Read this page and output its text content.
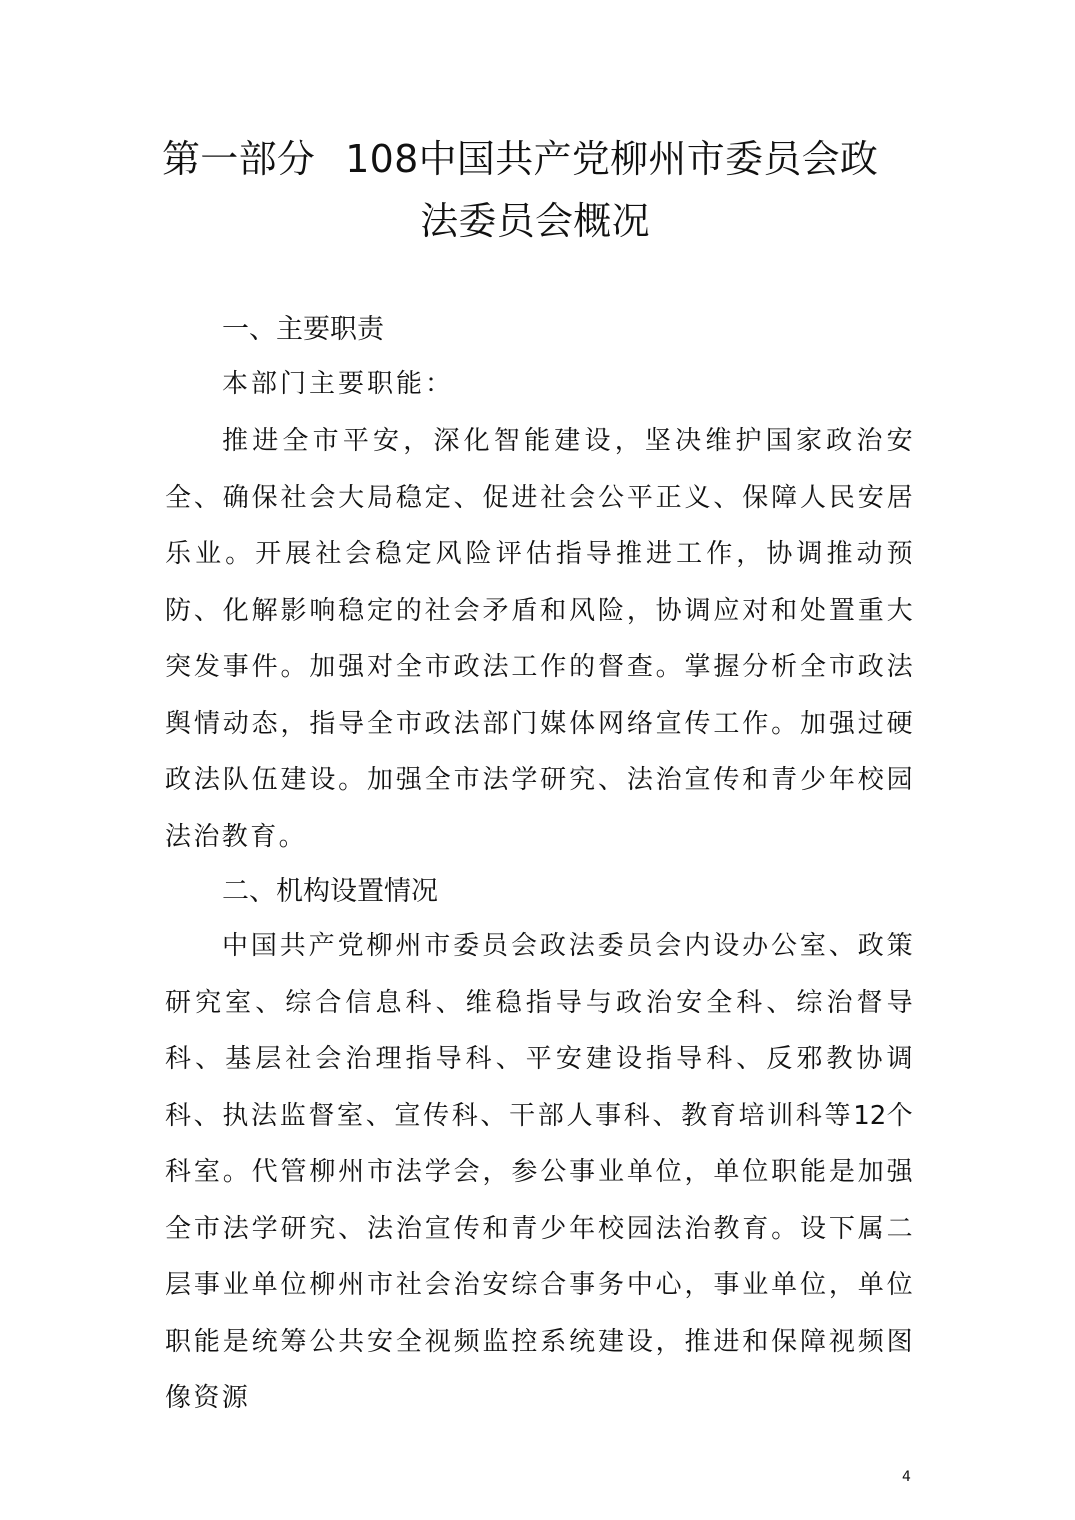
第一部分 108中国共产党柳州市委员会政
法委员会概况
一、主要职责
本部门主要职能：
推进全市平安，深化智能建设，坚决维护国家政治安全、确保社会大局稳定、促进社会公平正义、保障人民安居乐业。开展社会稳定风险评估指导推进工作，协调推动预防、化解影响稳定的社会矛盾和风险，协调应对和处置重大突发事件。加强对全市政法工作的督查。掌握分析全市政法舆情动态，指导全市政法部门媒体网络宣传工作。加强过硬政法队伍建设。加强全市法学研究、法治宣传和青少年校园法治教育。
二、机构设置情况
中国共产党柳州市委员会政法委员会内设办公室、政策研究室、综合信息科、维稳指导与政治安全科、综治督导科、基层社会治理指导科、平安建设指导科、反邪教协调科、执法监督室、宣传科、干部人事科、教育培训科等12个科室。代管柳州市法学会，参公事业单位，单位职能是加强全市法学研究、法治宣传和青少年校园法治教育。设下属二层事业单位柳州市社会治安综合事务中心，事业单位，单位职能是统筹公共安全视频监控系统建设，推进和保障视频图像资源
4
